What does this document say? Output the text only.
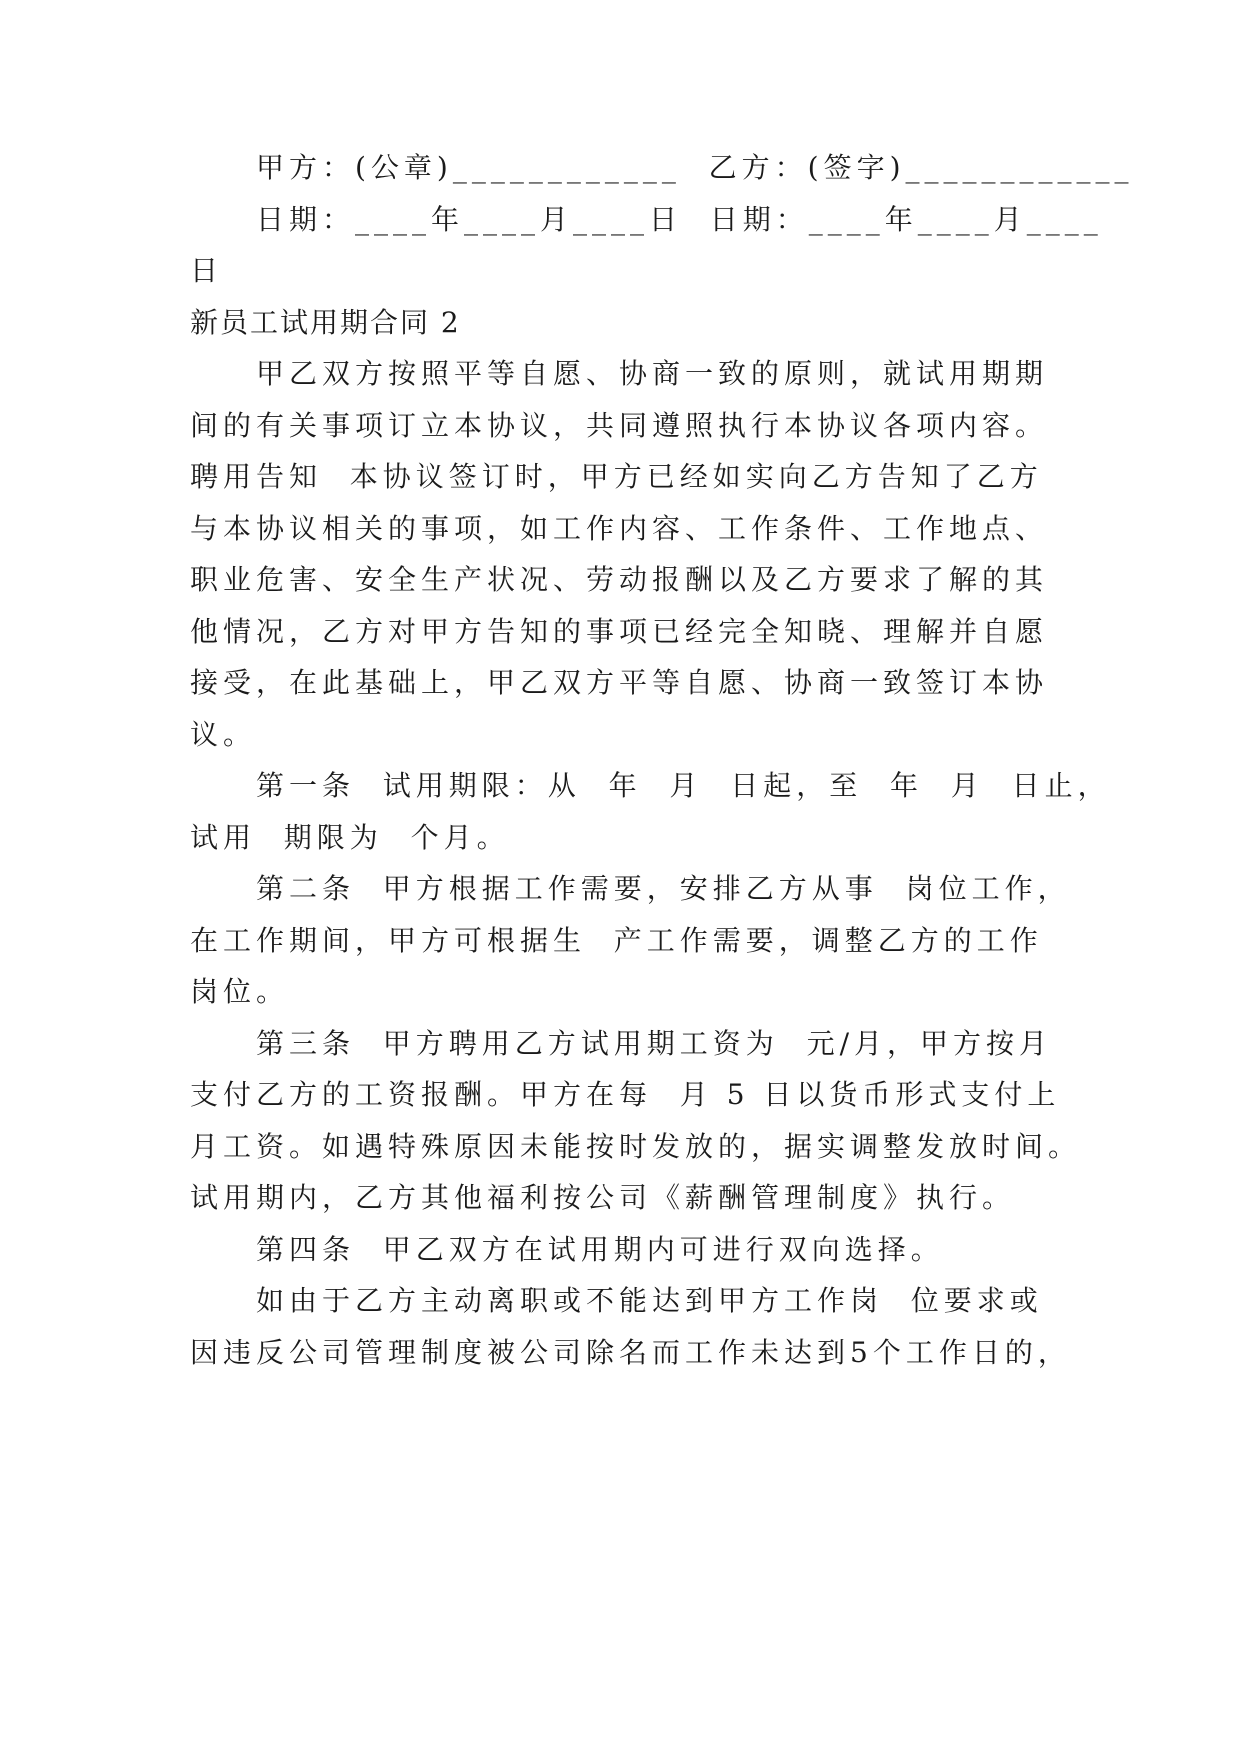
甲方：(公章)____________  乙方：(签字)____________
日期：____年____月____日  日期：____年____月____
日
新员工试用期合同 2
甲乙双方按照平等自愿、协商一致的原则，就试用期期
间的有关事项订立本协议，共同遵照执行本协议各项内容。
聘用告知  本协议签订时，甲方已经如实向乙方告知了乙方
与本协议相关的事项，如工作内容、工作条件、工作地点、
职业危害、安全生产状况、劳动报酬以及乙方要求了解的其
他情况，乙方对甲方告知的事项已经完全知晓、理解并自愿
接受，在此基础上，甲乙双方平等自愿、协商一致签订本协
议。
第一条  试用期限：从  年  月  日起，至  年  月  日止，
试用  期限为  个月。
第二条  甲方根据工作需要，安排乙方从事  岗位工作，
在工作期间，甲方可根据生  产工作需要，调整乙方的工作
岗位。
第三条  甲方聘用乙方试用期工资为  元/月，甲方按月
支付乙方的工资报酬。甲方在每  月 5 日以货币形式支付上
月工资。如遇特殊原因未能按时发放的，据实调整发放时间。
试用期内，乙方其他福利按公司《薪酬管理制度》执行。
第四条  甲乙双方在试用期内可进行双向选择。
如由于乙方主动离职或不能达到甲方工作岗  位要求或
因违反公司管理制度被公司除名而工作未达到5个工作日的，
